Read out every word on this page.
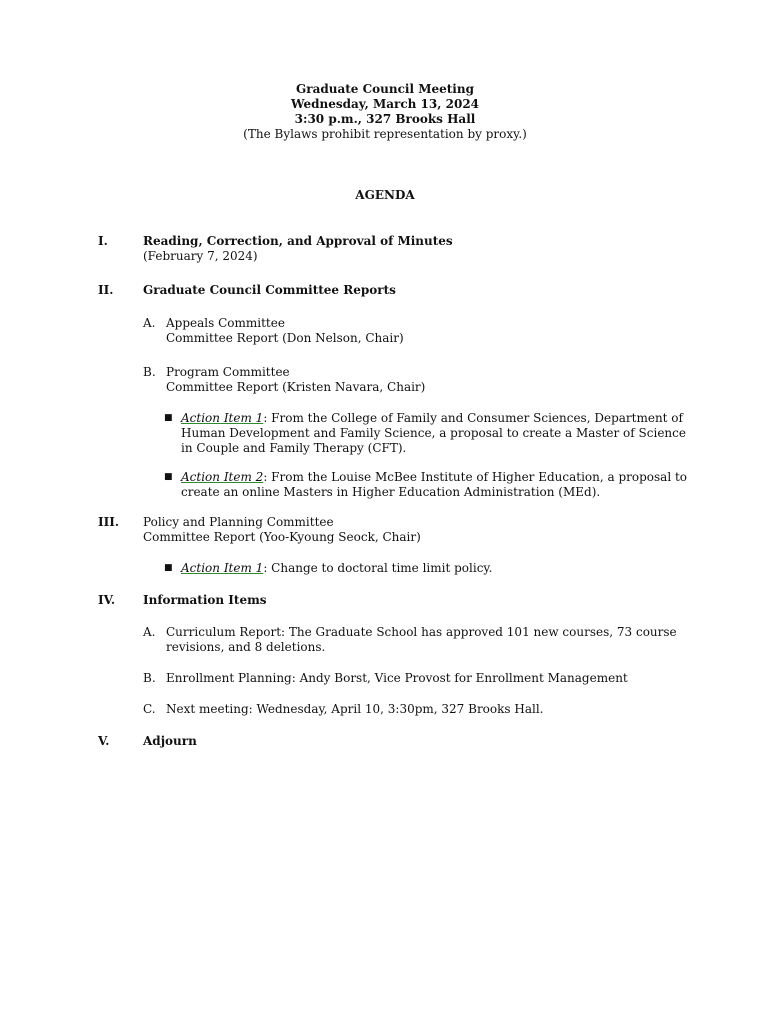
Graduate Council Meeting
Wednesday, March 13, 2024
3:30 p.m., 327 Brooks Hall
(The Bylaws prohibit representation by proxy.)
AGENDA
I.	Reading, Correction, and Approval of Minutes
(February 7, 2024)
II. Graduate Council Committee Reports
A. Appeals Committee
Committee Report (Don Nelson, Chair)
B. Program Committee
Committee Report (Kristen Navara, Chair)
■ Action Item 1: From the College of Family and Consumer Sciences, Department of Human Development and Family Science, a proposal to create a Master of Science in Couple and Family Therapy (CFT).
■ Action Item 2: From the Louise McBee Institute of Higher Education, a proposal to create an online Masters in Higher Education Administration (MEd).
III. Policy and Planning Committee
Committee Report (Yoo-Kyoung Seock, Chair)
■ Action Item 1: Change to doctoral time limit policy.
IV. Information Items
A. Curriculum Report: The Graduate School has approved 101 new courses, 73 course revisions, and 8 deletions.
B. Enrollment Planning: Andy Borst, Vice Provost for Enrollment Management
C. Next meeting: Wednesday, April 10, 3:30pm, 327 Brooks Hall.
V.	Adjourn
